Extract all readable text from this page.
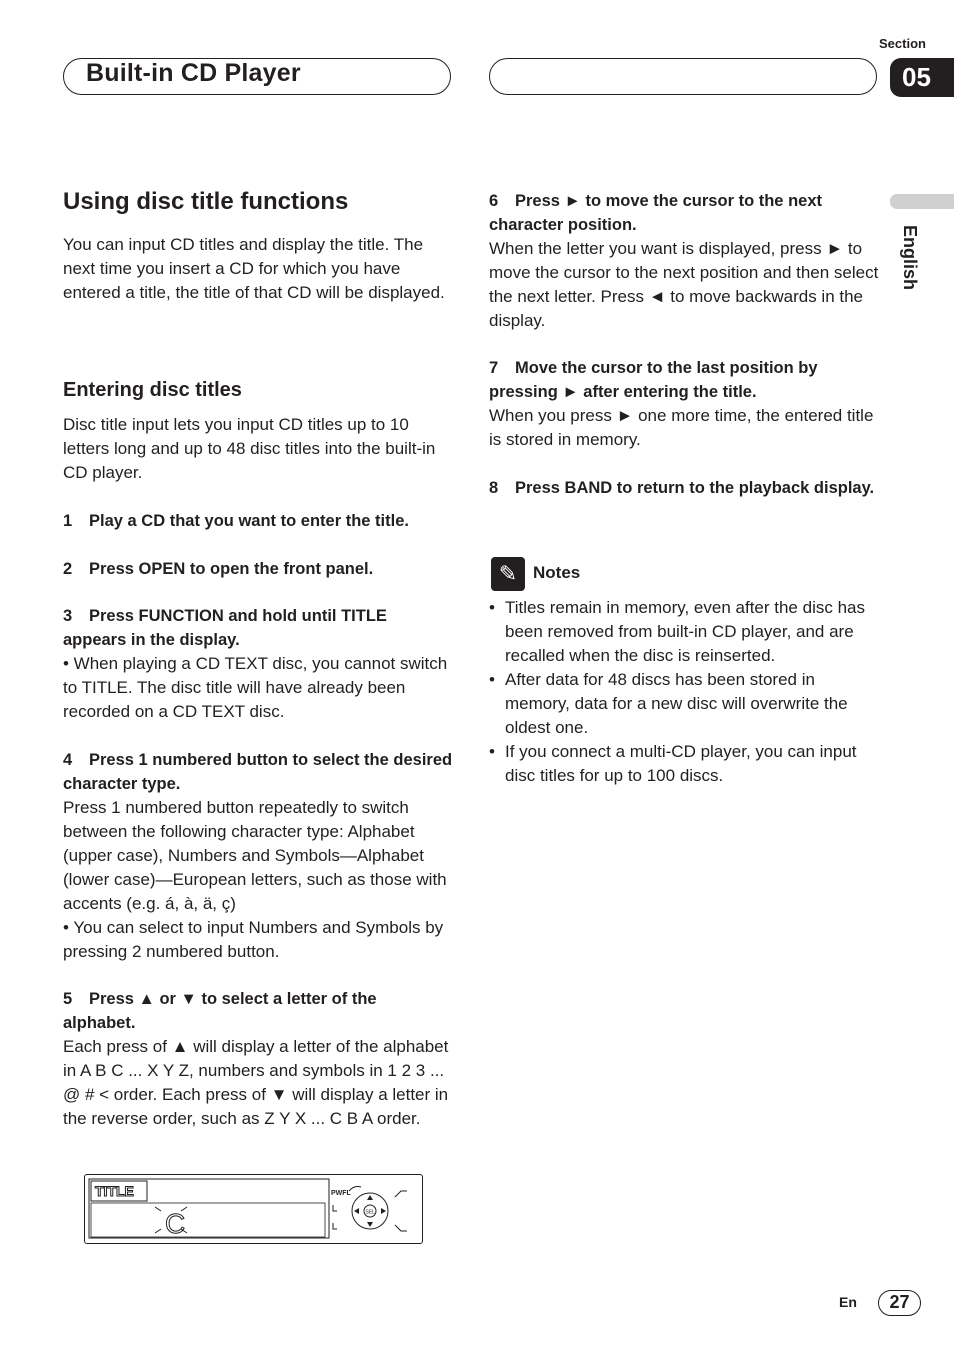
Built-in CD Player
Section
05
English
Using disc title functions

You can input CD titles and display the title. The next time you insert a CD for which you have entered a title, the title of that CD will be displayed.

Entering disc titles

Disc title input lets you input CD titles up to 10 letters long and up to 48 disc titles into the built-in CD player.

1 Play a CD that you want to enter the title.
2 Press OPEN to open the front panel.
3 Press FUNCTION and hold until TITLE appears in the display.

• When playing a CD TEXT disc, you cannot switch to TITLE. The disc title will have already been recorded on a CD TEXT disc.

4 Press 1 numbered button to select the desired character type.

Press 1 numbered button repeatedly to switch between the following character type: Alphabet (upper case), Numbers and Symbols—Alphabet (lower case)—European letters, such as those with accents (e.g. á, à, ä, ç)

• You can select to input Numbers and Symbols by pressing 2 numbered button.

5 Press ▲ or ▼ to select a letter of the alphabet.

Each press of ▲ will display a letter of the alphabet in A B C ... X Y Z, numbers and symbols in 1 2 3 ... @ # < order. Each press of ▼ will display a letter in the reverse order, such as Z Y X ... C B A order.

TITLE
C
PWFL
SEL
6 Press ► to move the cursor to the next character position.

When the letter you want is displayed, press ► to move the cursor to the next position and then select the next letter. Press ◄ to move backwards in the display.

7 Move the cursor to the last position by pressing ► after entering the title.

When you press ► one more time, the entered title is stored in memory.

8 Press BAND to return to the playback display.
✎ Notes
• Titles remain in memory, even after the disc has been removed from built-in CD player, and are recalled when the disc is reinserted.
• After data for 48 discs has been stored in memory, data for a new disc will overwrite the oldest one.
• If you connect a multi-CD player, you can input disc titles for up to 100 discs.
En	27
